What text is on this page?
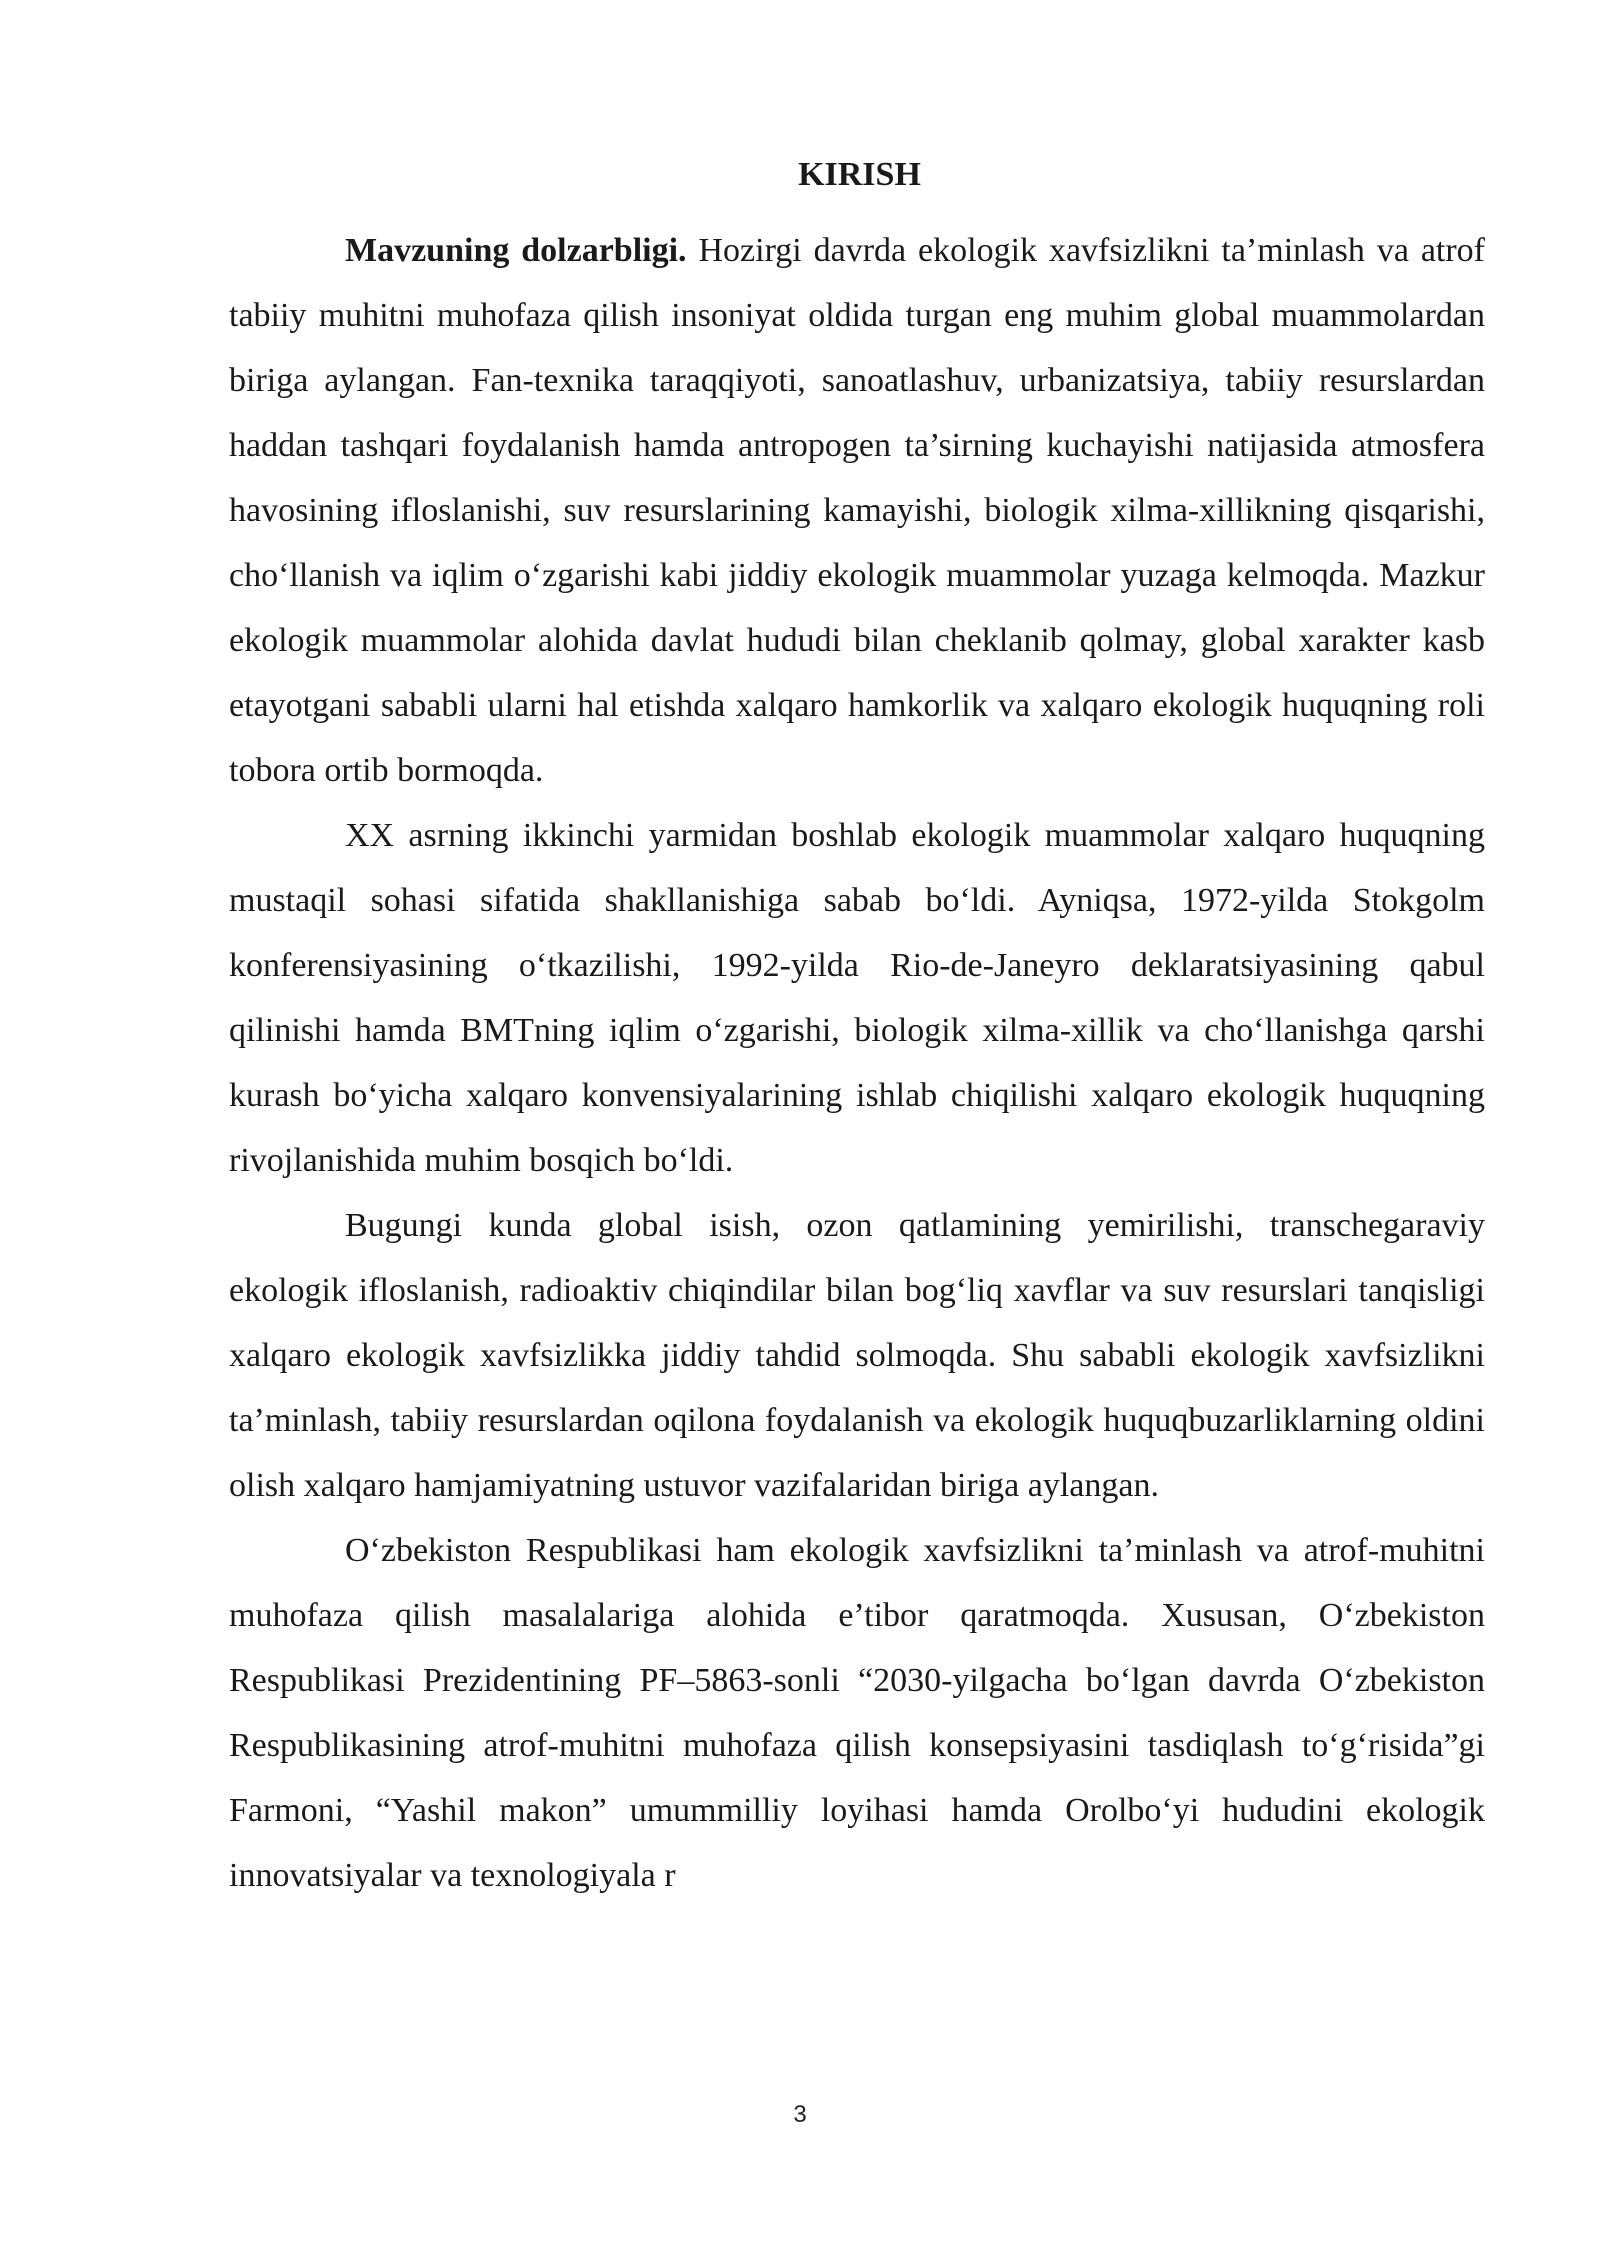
KIRISH

Mavzuning dolzarbligi. Hozirgi davrda ekologik xavfsizlikni ta’minlash va atrof tabiiy muhitni muhofaza qilish insoniyat oldida turgan eng muhim global muammolardan biriga aylangan. Fan-texnika taraqqiyoti, sanoatlashuv, urbanizatsiya, tabiiy resurslardan haddan tashqari foydalanish hamda antropogen ta’sirning kuchayishi natijasida atmosfera havosining ifloslanishi, suv resurslarining kamayishi, biologik xilma-xillikning qisqarishi, cho‘llanish va iqlim o‘zgarishi kabi jiddiy ekologik muammolar yuzaga kelmoqda. Mazkur ekologik muammolar alohida davlat hududi bilan cheklanib qolmay, global xarakter kasb etayotgani sababli ularni hal etishda xalqaro hamkorlik va xalqaro ekologik huquqning roli tobora ortib bormoqda.

XX asrning ikkinchi yarmidan boshlab ekologik muammolar xalqaro huquqning mustaqil sohasi sifatida shakllanishiga sabab bo‘ldi. Ayniqsa, 1972-yilda Stokgolm konferensiyasining o‘tkazilishi, 1992-yilda Rio-de-Janeyro deklaratsiyasining qabul qilinishi hamda BMTning iqlim o‘zgarishi, biologik xilma-xillik va cho‘llanishga qarshi kurash bo‘yicha xalqaro konvensiyalarining ishlab chiqilishi xalqaro ekologik huquqning rivojlanishida muhim bosqich bo‘ldi.

Bugungi kunda global isish, ozon qatlamining yemirilishi, transchegaraviy ekologik ifloslanish, radioaktiv chiqindilar bilan bog‘liq xavflar va suv resurslari tanqisligi xalqaro ekologik xavfsizlikka jiddiy tahdid solmoqda. Shu sababli ekologik xavfsizlikni ta’minlash, tabiiy resurslardan oqilona foydalanish va ekologik huquqbuzarliklarning oldini olish xalqaro hamjamiyatning ustuvor vazifalaridan biriga aylangan.

O‘zbekiston Respublikasi ham ekologik xavfsizlikni ta’minlash va atrof-muhitni muhofaza qilish masalalariga alohida e’tibor qaratmoqda. Xususan, O‘zbekiston Respublikasi Prezidentining PF–5863-sonli “2030-yilgacha bo‘lgan davrda O‘zbekiston Respublikasining atrof-muhitni muhofaza qilish konsepsiyasini tasdiqlash to‘g‘risida”gi Farmoni, “Yashil makon” umummilliy loyihasi hamda Orolbo‘yi hududini ekologik innovatsiyalar va texnologiyala r

3
